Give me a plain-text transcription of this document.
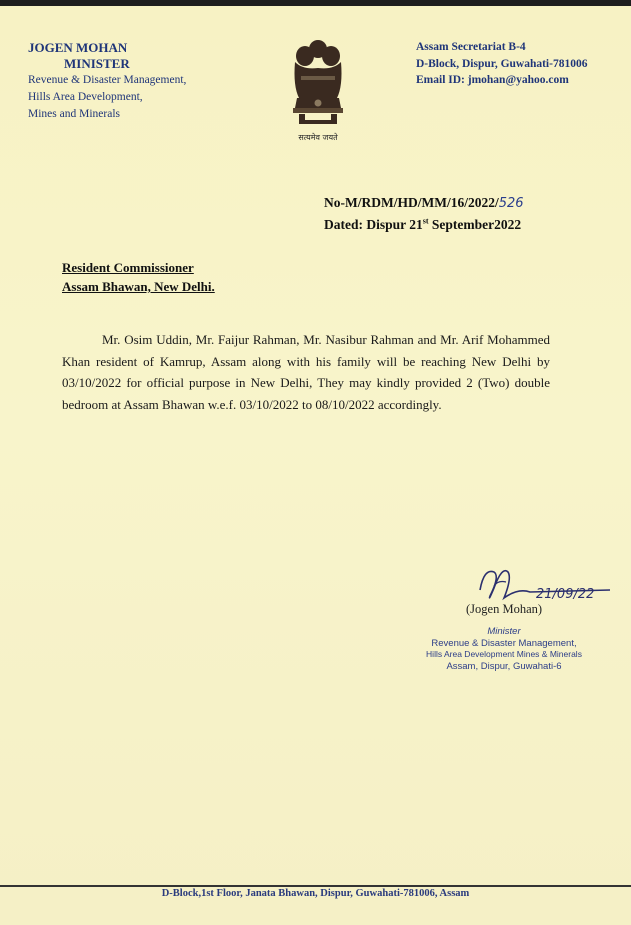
JOGEN MOHAN
MINISTER
Revenue & Disaster Management,
Hills Area Development,
Mines and Minerals
सत्यमेव जयते
Assam Secretariat B-4
D-Block, Dispur, Guwahati-781006
Email ID: jmohan@yahoo.com
No-M/RDM/HD/MM/16/2022/526
Dated: Dispur 21st September2022
Resident Commissioner
Assam Bhawan, New Delhi.

Mr. Osim Uddin, Mr. Faijur Rahman, Mr. Nasibur Rahman and Mr. Arif Mohammed Khan resident of Kamrup, Assam along with his family will be reaching New Delhi by 03/10/2022 for official purpose in New Delhi, They may kindly provided 2 (Two) double bedroom at Assam Bhawan w.e.f. 03/10/2022 to 08/10/2022 accordingly.

21/09/22
(Jogen Mohan)
Minister
Revenue & Disaster Management,
Hills Area Development Mines & Minerals
Assam, Dispur, Guwahati-6
D-Block,1st Floor, Janata Bhawan, Dispur, Guwahati-781006, Assam
